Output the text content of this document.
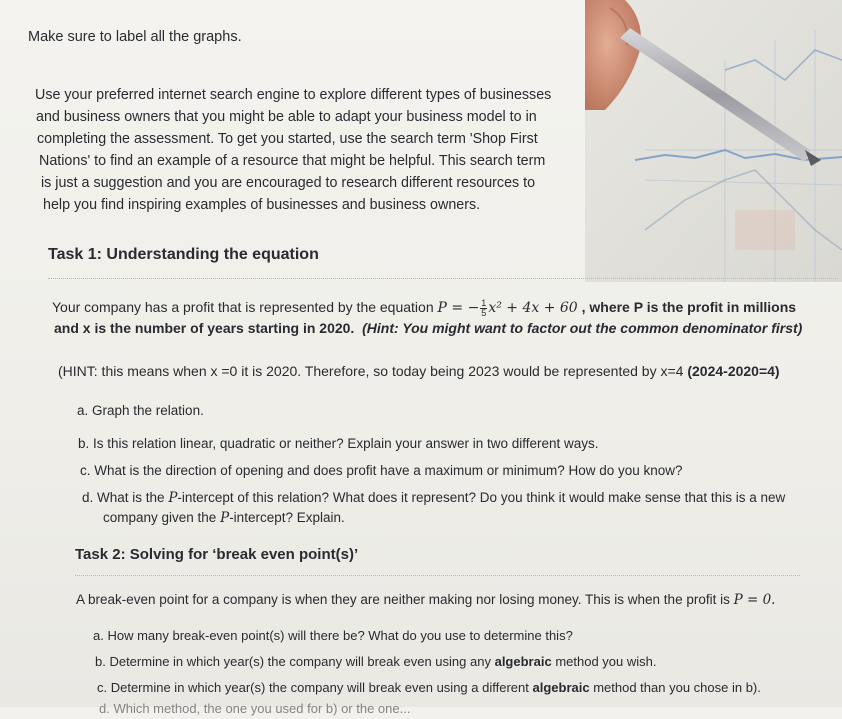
Make sure to label all the graphs.
Use your preferred internet search engine to explore different types of businesses
and business owners that you might be able to adapt your business model to in
completing the assessment. To get you started, use the search term 'Shop First
Nations' to find an example of a resource that might be helpful. This search term
is just a suggestion and you are encouraged to research different resources to
help you find inspiring examples of businesses and business owners.
Task 1: Understanding the equation
Your company has a profit that is represented by the equation P = − $\frac{1}{5} x^2 + 4x + 60$ , where P is the profit in millions
and x is the number of years starting in 2020. (Hint: You might want to factor out the common denominator first)
(HINT: this means when x =0 it is 2020. Therefore, so today being 2023 would be represented by x=4 (2024-2020=4)
a. Graph the relation.
b. Is this relation linear, quadratic or neither? Explain your answer in two different ways.
c. What is the direction of opening and does profit have a maximum or minimum? How do you know?
d. What is the P-intercept of this relation? What does it represent? Do you think it would make sense that this is a new
company given the P-intercept? Explain.
Task 2: Solving for ‘break even point(s)’
A break-even point for a company is when they are neither making nor losing money. This is when the profit is P = 0.
a. How many break-even point(s) will there be? What do you use to determine this?
b. Determine in which year(s) the company will break even using any algebraic method you wish.
c. Determine in which year(s) the company will break even using a different algebraic method than you chose in b).
d. Which method, the one you used for b) or the one...
